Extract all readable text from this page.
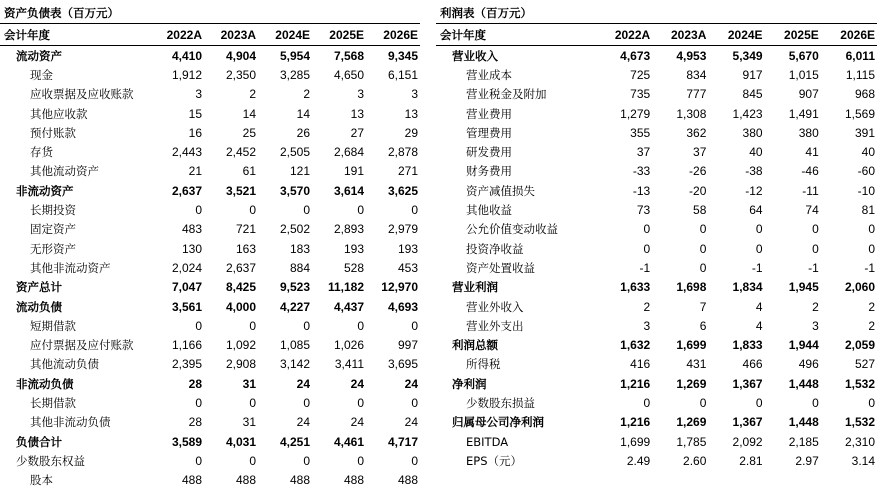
资产负债表（百万元）
会计年度	2022A	2023A	2024E	2025E	2026E
流动资产	4,410	4,904	5,954	7,568	9,345
现金	1,912	2,350	3,285	4,650	6,151
应收票据及应收账款	3	2	2	3	3
其他应收款	15	14	14	13	13
预付账款	16	25	26	27	29
存货	2,443	2,452	2,505	2,684	2,878
其他流动资产	21	61	121	191	271
非流动资产	2,637	3,521	3,570	3,614	3,625
长期投资	0	0	0	0	0
固定资产	483	721	2,502	2,893	2,979
无形资产	130	163	183	193	193
其他非流动资产	2,024	2,637	884	528	453
资产总计	7,047	8,425	9,523	11,182	12,970
流动负债	3,561	4,000	4,227	4,437	4,693
短期借款	0	0	0	0	0
应付票据及应付账款	1,166	1,092	1,085	1,026	997
其他流动负债	2,395	2,908	3,142	3,411	3,695
非流动负债	28	31	24	24	24
长期借款	0	0	0	0	0
其他非流动负债	28	31	24	24	24
负债合计	3,589	4,031	4,251	4,461	4,717
少数股东权益	0	0	0	0	0
股本	488	488	488	488	488
利润表（百万元）
会计年度	2022A	2023A	2024E	2025E	2026E
营业收入	4,673	4,953	5,349	5,670	6,011
营业成本	725	834	917	1,015	1,115
营业税金及附加	735	777	845	907	968
营业费用	1,279	1,308	1,423	1,491	1,569
管理费用	355	362	380	380	391
研发费用	37	37	40	41	40
财务费用	-33	-26	-38	-46	-60
资产减值损失	-13	-20	-12	-11	-10
其他收益	73	58	64	74	81
公允价值变动收益	0	0	0	0	0
投资净收益	0	0	0	0	0
资产处置收益	-1	0	-1	-1	-1
营业利润	1,633	1,698	1,834	1,945	2,060
营业外收入	2	7	4	2	2
营业外支出	3	6	4	3	2
利润总额	1,632	1,699	1,833	1,944	2,059
所得税	416	431	466	496	527
净利润	1,216	1,269	1,367	1,448	1,532
少数股东损益	0	0	0	0	0
归属母公司净利润	1,216	1,269	1,367	1,448	1,532
EBITDA	1,699	1,785	2,092	2,185	2,310
EPS（元）	2.49	2.60	2.81	2.97	3.14
